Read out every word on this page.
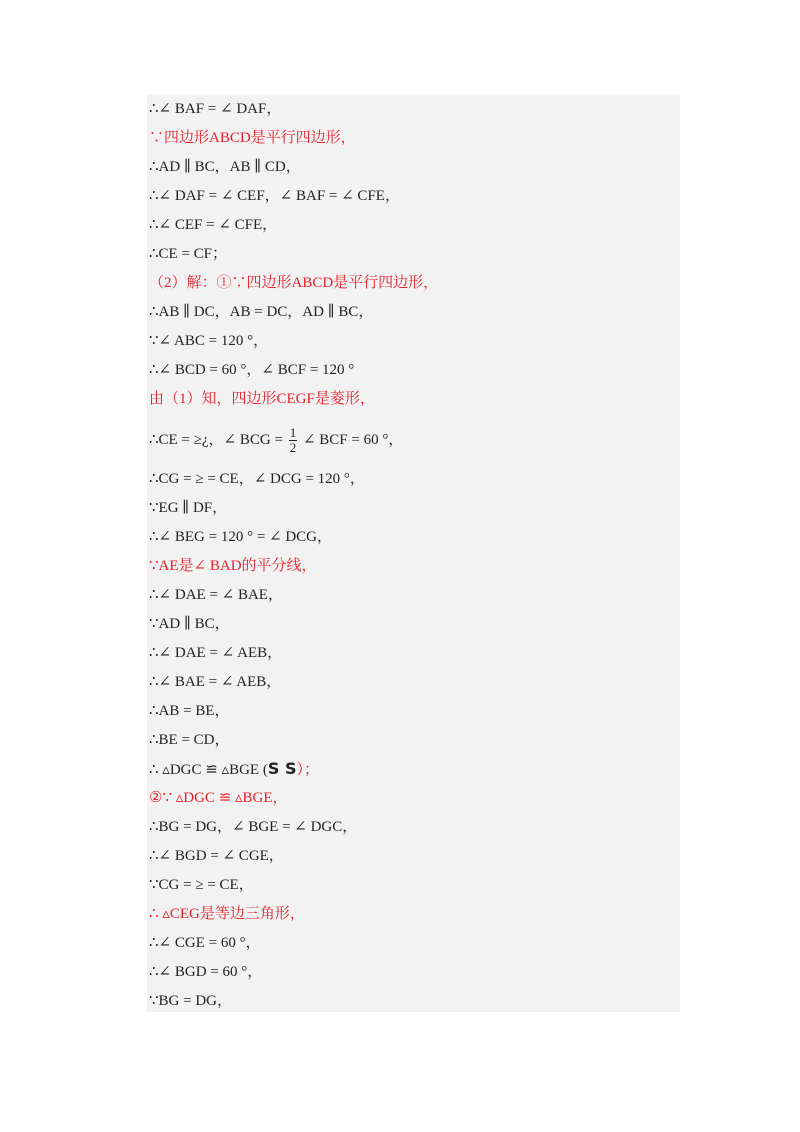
∴∠ BAF = ∠ DAF，
∵四边形ABCD是平行四边形，
∴AD ∥ BC，AB ∥ CD，
∴∠ DAF = ∠ CEF，∠ BAF = ∠ CFE，
∴∠ CEF = ∠ CFE，
∴CE = CF；
（2）解：①∵四边形ABCD是平行四边形，
∴AB ∥ DC，AB = DC，AD ∥ BC，
∵∠ ABC = 120 °，
∴∠ BCD = 60 °，∠ BCF = 120 °
由（1）知，四边形CEGF是菱形，
∴CE = ≥¿，∠ BCG = $\frac{1}{2}$ ∠ BCF = 60 °，
∴CG = ≥ = CE，∠ DCG = 120 °，
∵EG ∥ DF，
∴∠ BEG = 120 ° = ∠ DCG，
∵AE是∠ BAD的平分线，
∴∠ DAE = ∠ BAE，
∵AD ∥ BC，
∴∠ DAE = ∠ AEB，
∴∠ BAE = ∠ AEB，
∴AB = BE，
∴BE = CD，
∴ ▵DGC ≌ ▵BGE (S S）；
②∵ ▵DGC ≌ ▵BGE，
∴BG = DG，∠ BGE = ∠ DGC，
∴∠ BGD = ∠ CGE，
∵CG = ≥ = CE，
∴ ▵CEG是等边三角形，
∴∠ CGE = 60 °，
∴∠ BGD = 60 °，
∵BG = DG，
